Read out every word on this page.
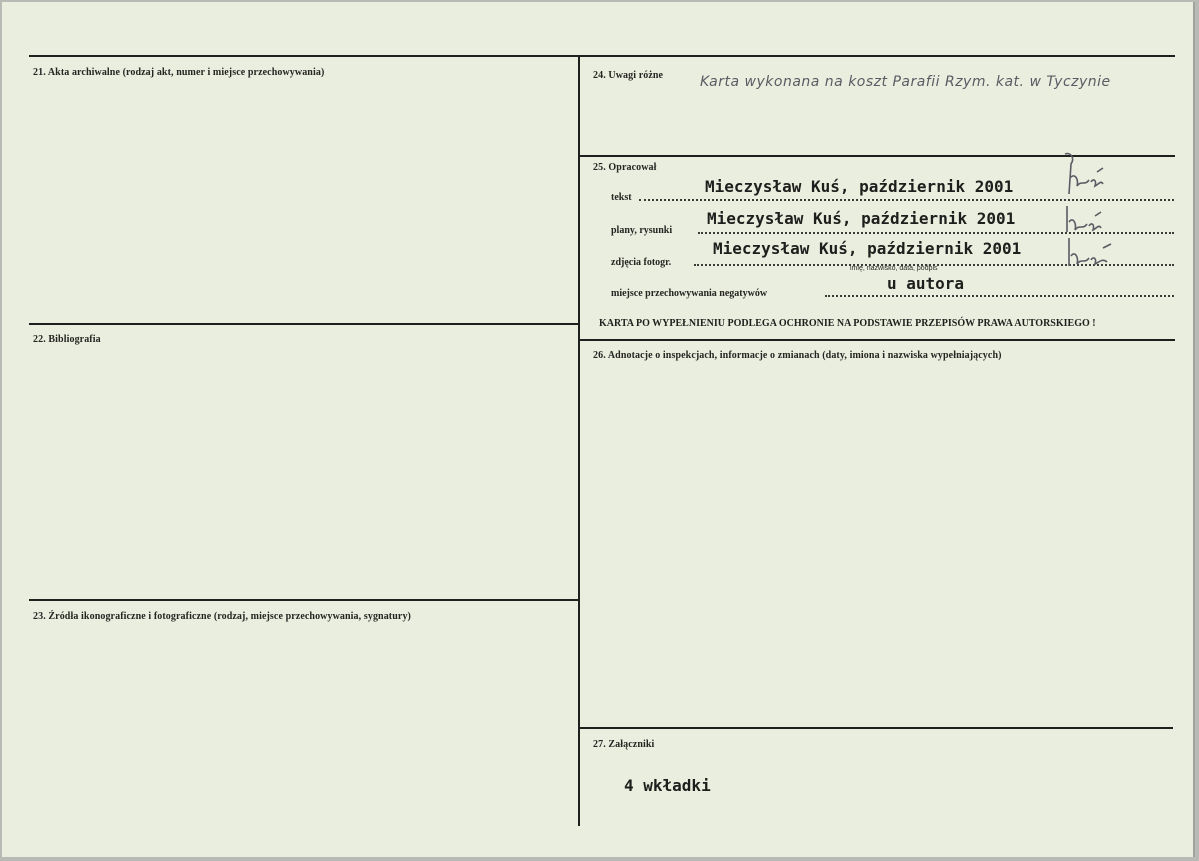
21. Akta archiwalne (rodzaj akt, numer i miejsce przechowywania)
22. Bibliografia
23. Źródła ikonograficzne i fotograficzne (rodzaj, miejsce przechowywania, sygnatury)
24. Uwagi różne	Karta wykonana na koszt Parafii Rzym. kat. w Tyczynie
25. Opracował
tekst
Mieczysław Kuś, październik 2001
plany, rysunki
Mieczysław Kuś, październik 2001
zdjęcia fotogr.
Mieczysław Kuś, październik 2001
imię, nazwisko, data, podpis
miejsce przechowywania negatywów
u autora
KARTA PO WYPEŁNIENIU PODLEGA OCHRONIE NA PODSTAWIE PRZEPISÓW PRAWA AUTORSKIEGO !
26. Adnotacje o inspekcjach, informacje o zmianach (daty, imiona i nazwiska wypełniających)
27. Załączniki
4 wkładki
